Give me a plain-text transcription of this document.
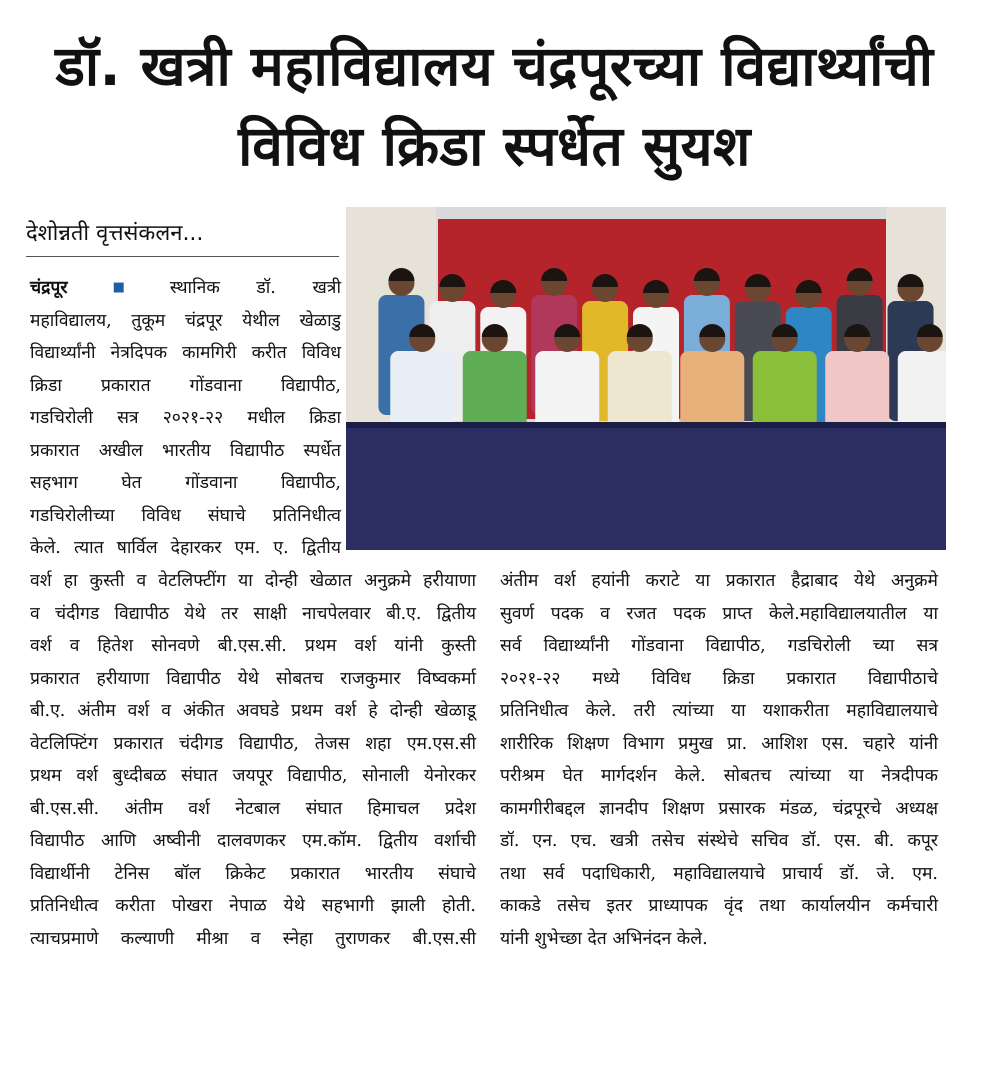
डॉ. खत्री महाविद्यालय चंद्रपूरच्या विद्यार्थ्यांची
विविध क्रिडा स्पर्धेत सुयश
देशोन्नती वृत्तसंकलन...
चंद्रपूर ■ स्थानिक डॉ. खत्री
महाविद्यालय, तुकूम चंद्रपूर येथील खेळाडु
विद्यार्थ्यांनी नेत्रदिपक कामगिरी करीत विविध
क्रिडा प्रकारात गोंडवाना विद्यापीठ,
गडचिरोली सत्र २०२१-२२ मधील क्रिडा
प्रकारात अखील भारतीय विद्यापीठ स्पर्धेत
सहभाग घेत गोंडवाना विद्यापीठ,
गडचिरोलीच्या विविध संघाचे प्रतिनिधीत्व
केले. त्यात षार्विल देहारकर एम. ए. द्वितीय
वर्श हा कुस्ती व वेटलिफ्टींग या दोन्ही खेळात अनुक्रमे हरीयाणा
व चंदीगड विद्यापीठ येथे तर साक्षी नाचपेलवार बी.ए. द्वितीय
वर्श व हितेश सोनवणे बी.एस.सी. प्रथम वर्श यांनी कुस्ती
प्रकारात हरीयाणा विद्यापीठ येथे सोबतच राजकुमार विष्वकर्मा
बी.ए. अंतीम वर्श व अंकीत अवघडे प्रथम वर्श हे दोन्ही खेळाडू
वेटलिफ्टिंग प्रकारात चंदीगड विद्यापीठ, तेजस शहा एम.एस.सी
प्रथम वर्श बुध्दीबळ संघात जयपूर विद्यापीठ, सोनाली येनोरकर
बी.एस.सी. अंतीम वर्श नेटबाल संघात हिमाचल प्रदेश
विद्यापीठ आणि अष्वीनी दालवणकर एम.कॉम. द्वितीय वर्शाची
विद्यार्थीनी टेनिस बॉल क्रिकेट प्रकारात भारतीय संघाचे
प्रतिनिधीत्व करीता पोखरा नेपाळ येथे सहभागी झाली होती.
त्याचप्रमाणे कल्याणी मीश्रा व स्नेहा तुराणकर बी.एस.सी
अंतीम वर्श हयांनी कराटे या प्रकारात हैद्राबाद येथे अनुक्रमे
सुवर्ण पदक व रजत पदक प्राप्त केले.महाविद्यालयातील या
सर्व विद्यार्थ्यांनी गोंडवाना विद्यापीठ, गडचिरोली च्या सत्र
२०२१-२२ मध्ये विविध क्रिडा प्रकारात विद्यापीठाचे
प्रतिनिधीत्व केले. तरी त्यांच्या या यशाकरीता महाविद्यालयाचे
शारीरिक शिक्षण विभाग प्रमुख प्रा. आशिश एस. चहारे यांनी
परीश्रम घेत मार्गदर्शन केले. सोबतच त्यांच्या या नेत्रदीपक
कामगीरीबद्दल ज्ञानदीप शिक्षण प्रसारक मंडळ, चंद्रपूरचे अध्यक्ष
डॉ. एन. एच. खत्री तसेच संस्थेचे सचिव डॉ. एस. बी. कपूर
तथा सर्व पदाधिकारी, महाविद्यालयाचे प्राचार्य डॉ. जे. एम.
काकडे तसेच इतर प्राध्यापक वृंद तथा कार्यालयीन कर्मचारी
यांनी शुभेच्छा देत अभिनंदन केले.
